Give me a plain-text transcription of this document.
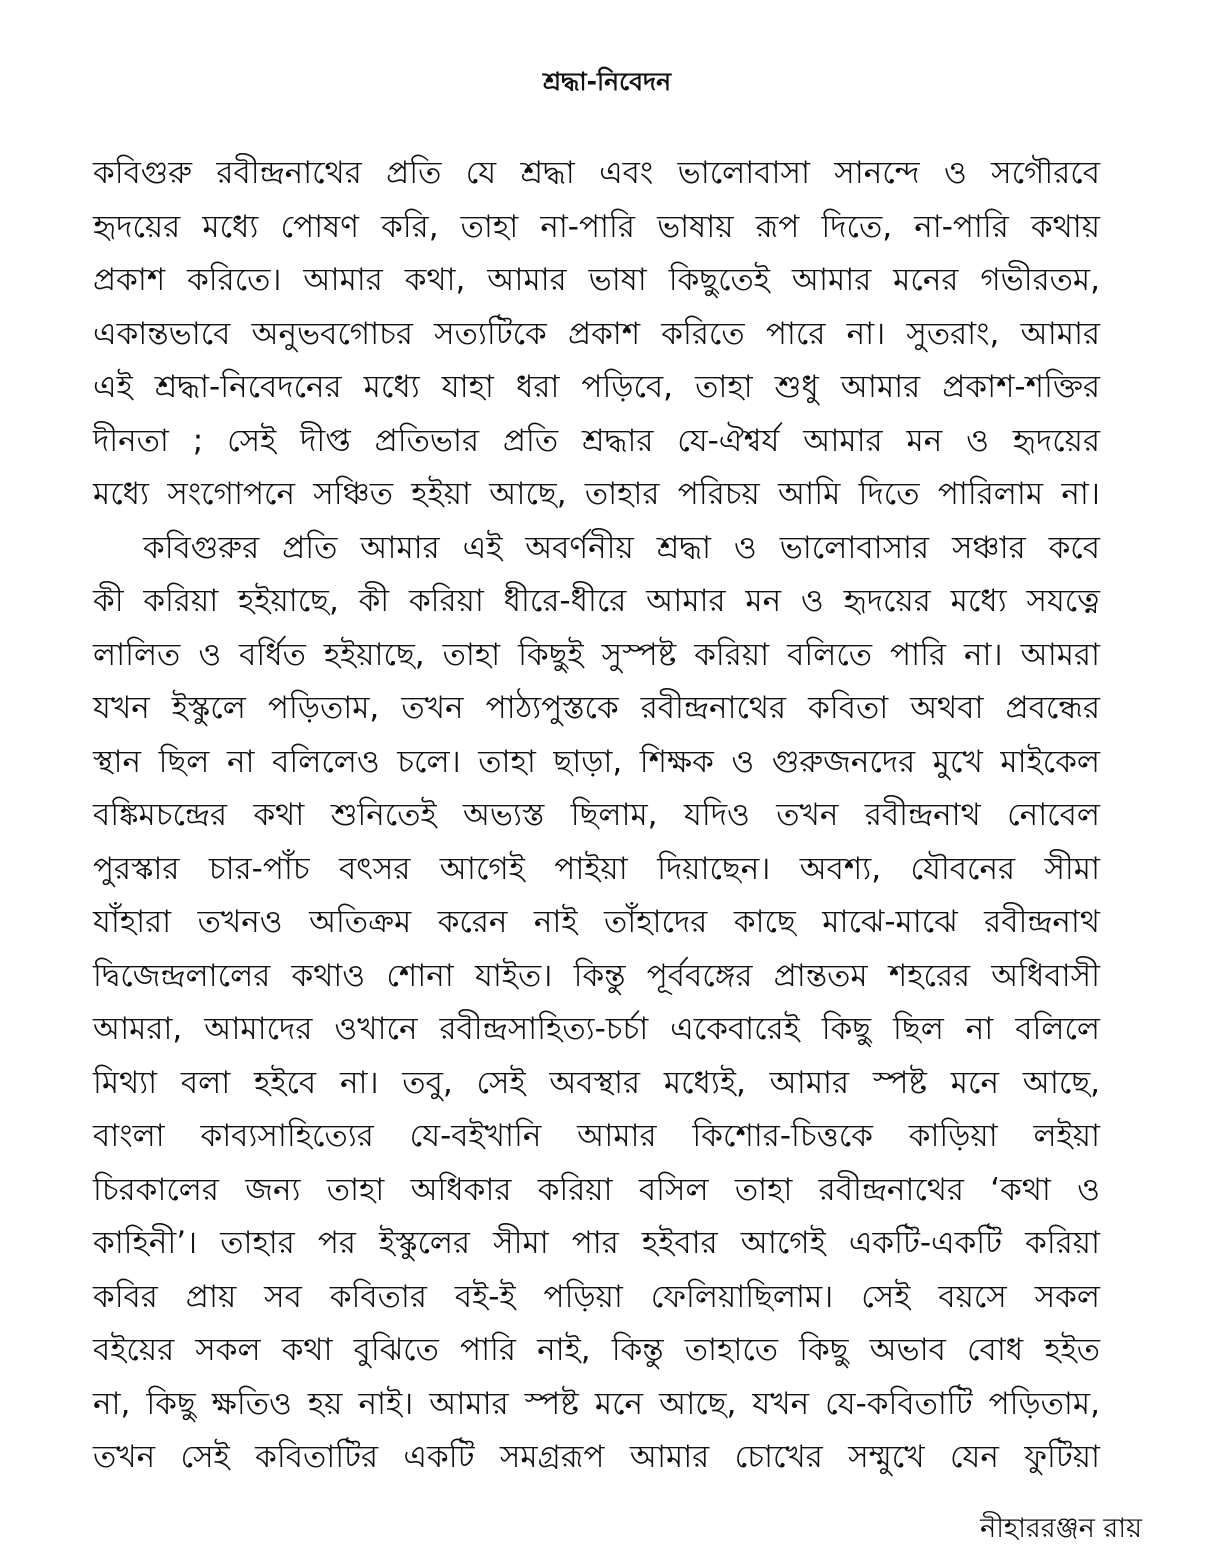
শ্রদ্ধা-নিবেদন
কবিগুরু রবীন্দ্রনাথের প্রতি যে শ্রদ্ধা এবং ভালোবাসা সানন্দে ও সগৌরবে
হৃদয়ের মধ্যে পোষণ করি, তাহা না-পারি ভাষায় রূপ দিতে, না-পারি কথায়
প্রকাশ করিতে। আমার কথা, আমার ভাষা কিছুতেই আমার মনের গভীরতম,
একান্তভাবে অনুভবগোচর সত্যটিকে প্রকাশ করিতে পারে না। সুতরাং, আমার
এই শ্রদ্ধা-নিবেদনের মধ্যে যাহা ধরা পড়িবে, তাহা শুধু আমার প্রকাশ-শক্তির
দীনতা ; সেই দীপ্ত প্রতিভার প্রতি শ্রদ্ধার যে-ঐশ্বর্য আমার মন ও হৃদয়ের
মধ্যে সংগোপনে সঞ্চিত হইয়া আছে, তাহার পরিচয় আমি দিতে পারিলাম না।
কবিগুরুর প্রতি আমার এই অবর্ণনীয় শ্রদ্ধা ও ভালোবাসার সঞ্চার কবে
কী করিয়া হইয়াছে, কী করিয়া ধীরে-ধীরে আমার মন ও হৃদয়ের মধ্যে সযত্নে
লালিত ও বর্ধিত হইয়াছে, তাহা কিছুই সুস্পষ্ট করিয়া বলিতে পারি না। আমরা
যখন ইস্কুলে পড়িতাম, তখন পাঠ্যপুস্তকে রবীন্দ্রনাথের কবিতা অথবা প্রবন্ধের
স্থান ছিল না বলিলেও চলে। তাহা ছাড়া, শিক্ষক ও গুরুজনদের মুখে মাইকেল
বঙ্কিমচন্দ্রের কথা শুনিতেই অভ্যস্ত ছিলাম, যদিও তখন রবীন্দ্রনাথ নোবেল
পুরস্কার চার-পাঁচ বৎসর আগেই পাইয়া দিয়াছেন। অবশ্য, যৌবনের সীমা
যাঁহারা তখনও অতিক্রম করেন নাই তাঁহাদের কাছে মাঝে-মাঝে রবীন্দ্রনাথ
দ্বিজেন্দ্রলালের কথাও শোনা যাইত। কিন্তু পূর্ববঙ্গের প্রান্ততম শহরের অধিবাসী
আমরা, আমাদের ওখানে রবীন্দ্রসাহিত্য-চর্চা একেবারেই কিছু ছিল না বলিলে
মিথ্যা বলা হইবে না। তবু, সেই অবস্থার মধ্যেই, আমার স্পষ্ট মনে আছে,
বাংলা কাব্যসাহিত্যের যে-বইখানি আমার কিশোর-চিত্তকে কাড়িয়া লইয়া
চিরকালের জন্য তাহা অধিকার করিয়া বসিল তাহা রবীন্দ্রনাথের ‘কথা ও
কাহিনী’। তাহার পর ইস্কুলের সীমা পার হইবার আগেই একটি-একটি করিয়া
কবির প্রায় সব কবিতার বই-ই পড়িয়া ফেলিয়াছিলাম। সেই বয়সে সকল
বইয়ের সকল কথা বুঝিতে পারি নাই, কিন্তু তাহাতে কিছু অভাব বোধ হইত
না, কিছু ক্ষতিও হয় নাই। আমার স্পষ্ট মনে আছে, যখন যে-কবিতাটি পড়িতাম,
তখন সেই কবিতাটির একটি সমগ্ররূপ আমার চোখের সম্মুখে যেন ফুটিয়া
নীহাররঞ্জন রায়
